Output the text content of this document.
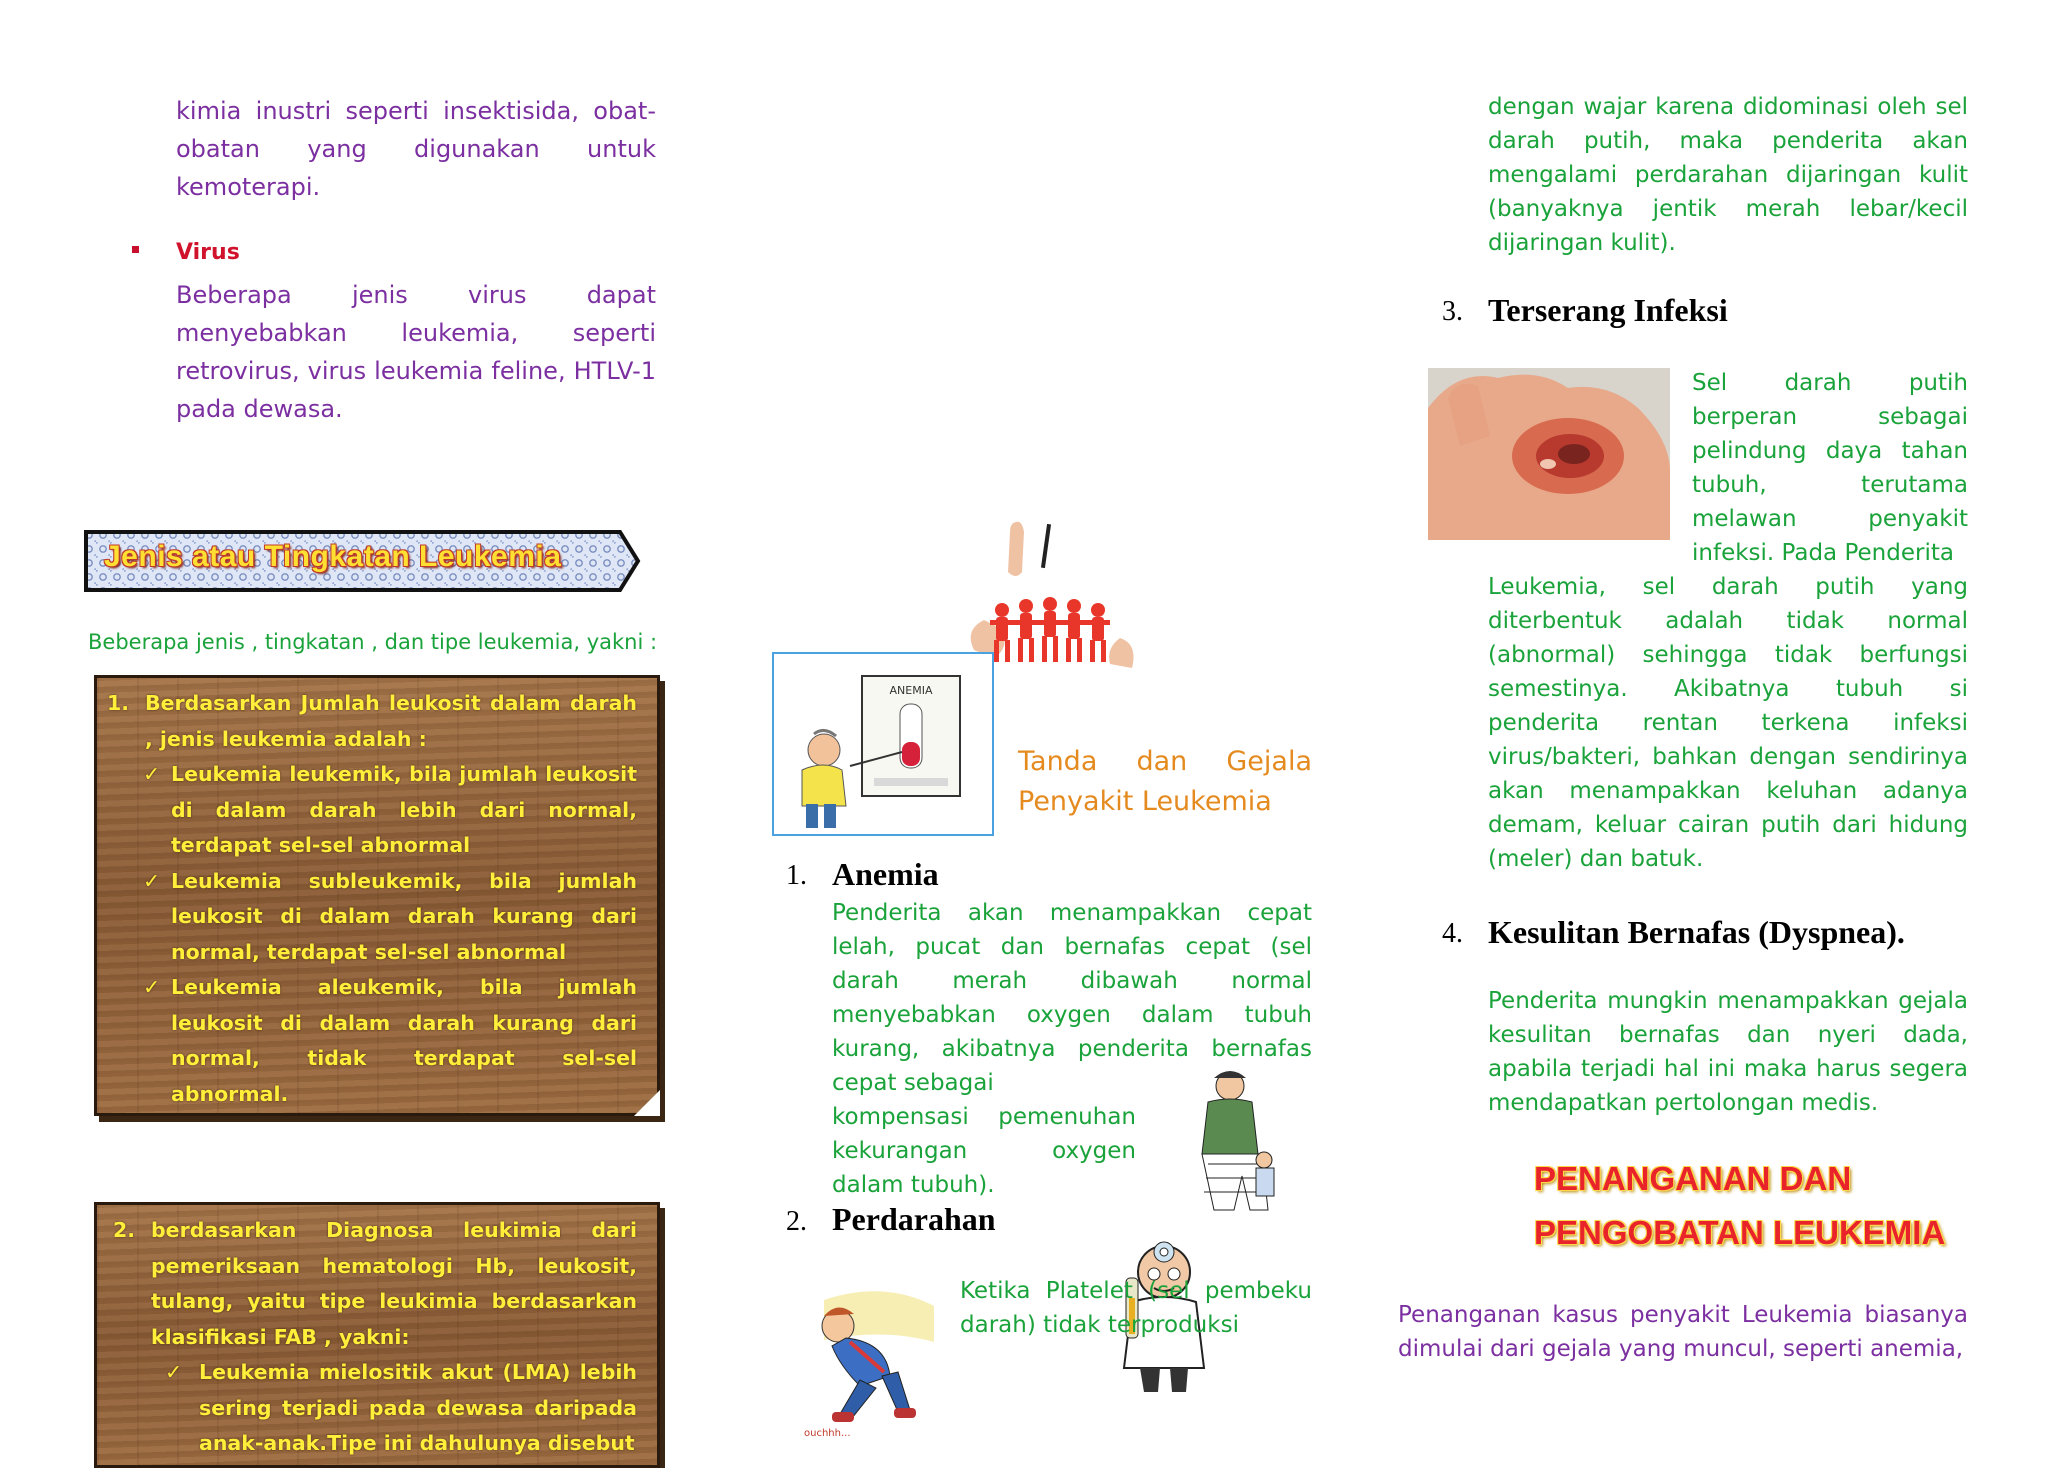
kimia inustri seperti insektisida, obat-obatan yang digunakan untuk kemoterapi.
Virus
Beberapa jenis virus dapat menyebabkan leukemia, seperti retrovirus, virus leukemia feline, HTLV-1 pada dewasa.
Jenis atau Tingkatan Leukemia
Beberapa jenis , tingkatan , dan tipe leukemia, yakni :
1. Berdasarkan Jumlah leukosit dalam darah , jenis leukemia adalah :
✓ Leukemia leukemik, bila jumlah leukosit di dalam darah lebih dari normal, terdapat sel-sel abnormal
✓ Leukemia subleukemik, bila jumlah leukosit di dalam darah kurang dari normal, terdapat sel-sel abnormal
✓ Leukemia aleukemik, bila jumlah leukosit di dalam darah kurang dari normal, tidak terdapat sel-sel abnormal.
2. berdasarkan Diagnosa leukimia dari pemeriksaan hematologi Hb, leukosit, tulang, yaitu tipe leukimia berdasarkan klasifikasi FAB , yakni:
✓ Leukemia mielositik akut (LMA) lebih sering terjadi pada dewasa daripada anak-anak.Tipe ini dahulunya disebut
ANEMIA
Tanda dan Gejala Penyakit Leukemia
1. Anemia
Penderita akan menampakkan cepat lelah, pucat dan bernafas cepat (sel darah merah dibawah normal menyebabkan oxygen dalam tubuh kurang, akibatnya penderita bernafas cepat sebagai
kompensasi pemenuhan kekurangan oxygen dalam tubuh).
2. Perdarahan
ouchhh...
Ketika Platelet (sel pembeku darah) tidak terproduksi
dengan wajar karena didominasi oleh sel darah putih, maka penderita akan mengalami perdarahan dijaringan kulit (banyaknya jentik merah lebar/kecil dijaringan kulit).
3. Terserang Infeksi
Sel darah putih berperan sebagai pelindung daya tahan tubuh, terutama melawan penyakit infeksi. Pada Penderita
Leukemia, sel darah putih yang diterbentuk adalah tidak normal (abnormal) sehingga tidak berfungsi semestinya. Akibatnya tubuh si penderita rentan terkena infeksi virus/bakteri, bahkan dengan sendirinya akan menampakkan keluhan adanya demam, keluar cairan putih dari hidung (meler) dan batuk.
4. Kesulitan Bernafas (Dyspnea).
Penderita mungkin menampakkan gejala kesulitan bernafas dan nyeri dada, apabila terjadi hal ini maka harus segera mendapatkan pertolongan medis.
PENANGANAN DAN
PENGOBATAN LEUKEMIA
Penanganan kasus penyakit Leukemia biasanya dimulai dari gejala yang muncul, seperti anemia,
